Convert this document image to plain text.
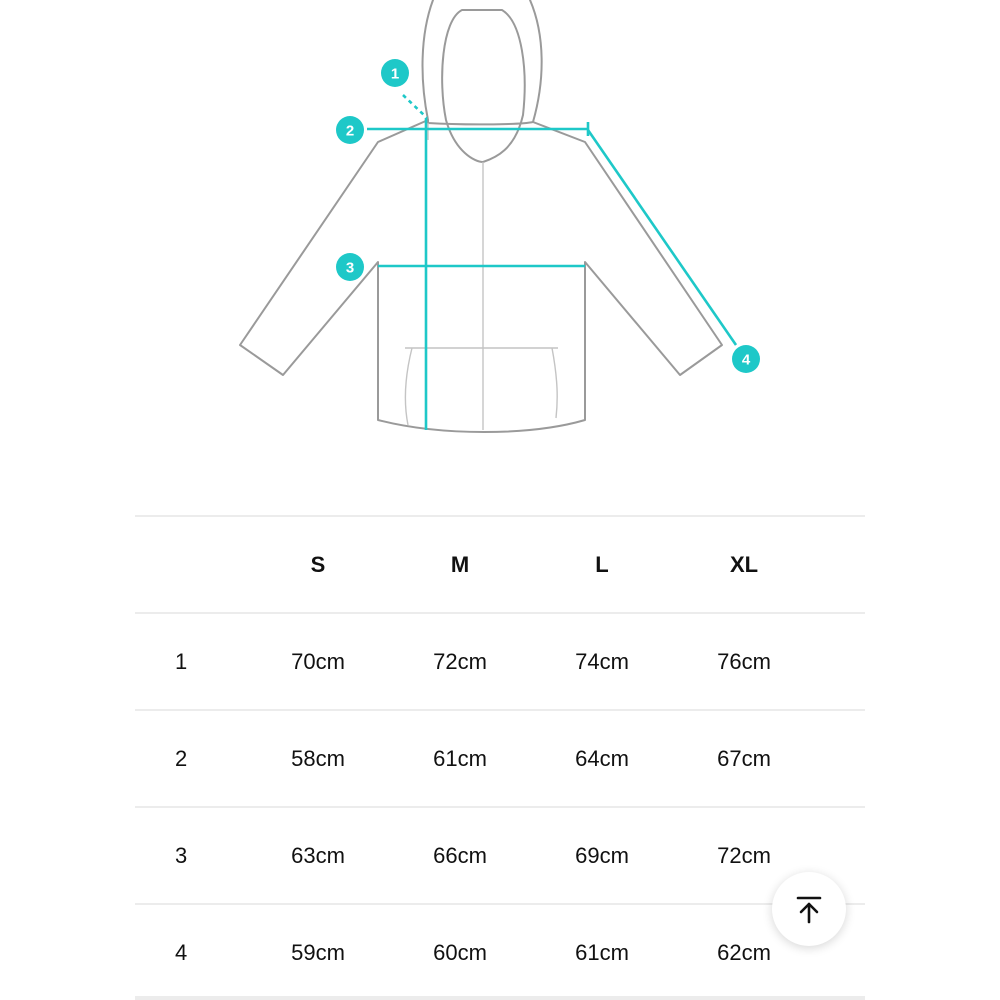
1
2
3
4
	S	M	L	XL	
1	70cm	72cm	74cm	76cm	
2	58cm	61cm	64cm	67cm	
3	63cm	66cm	69cm	72cm	
4	59cm	60cm	61cm	62cm	
